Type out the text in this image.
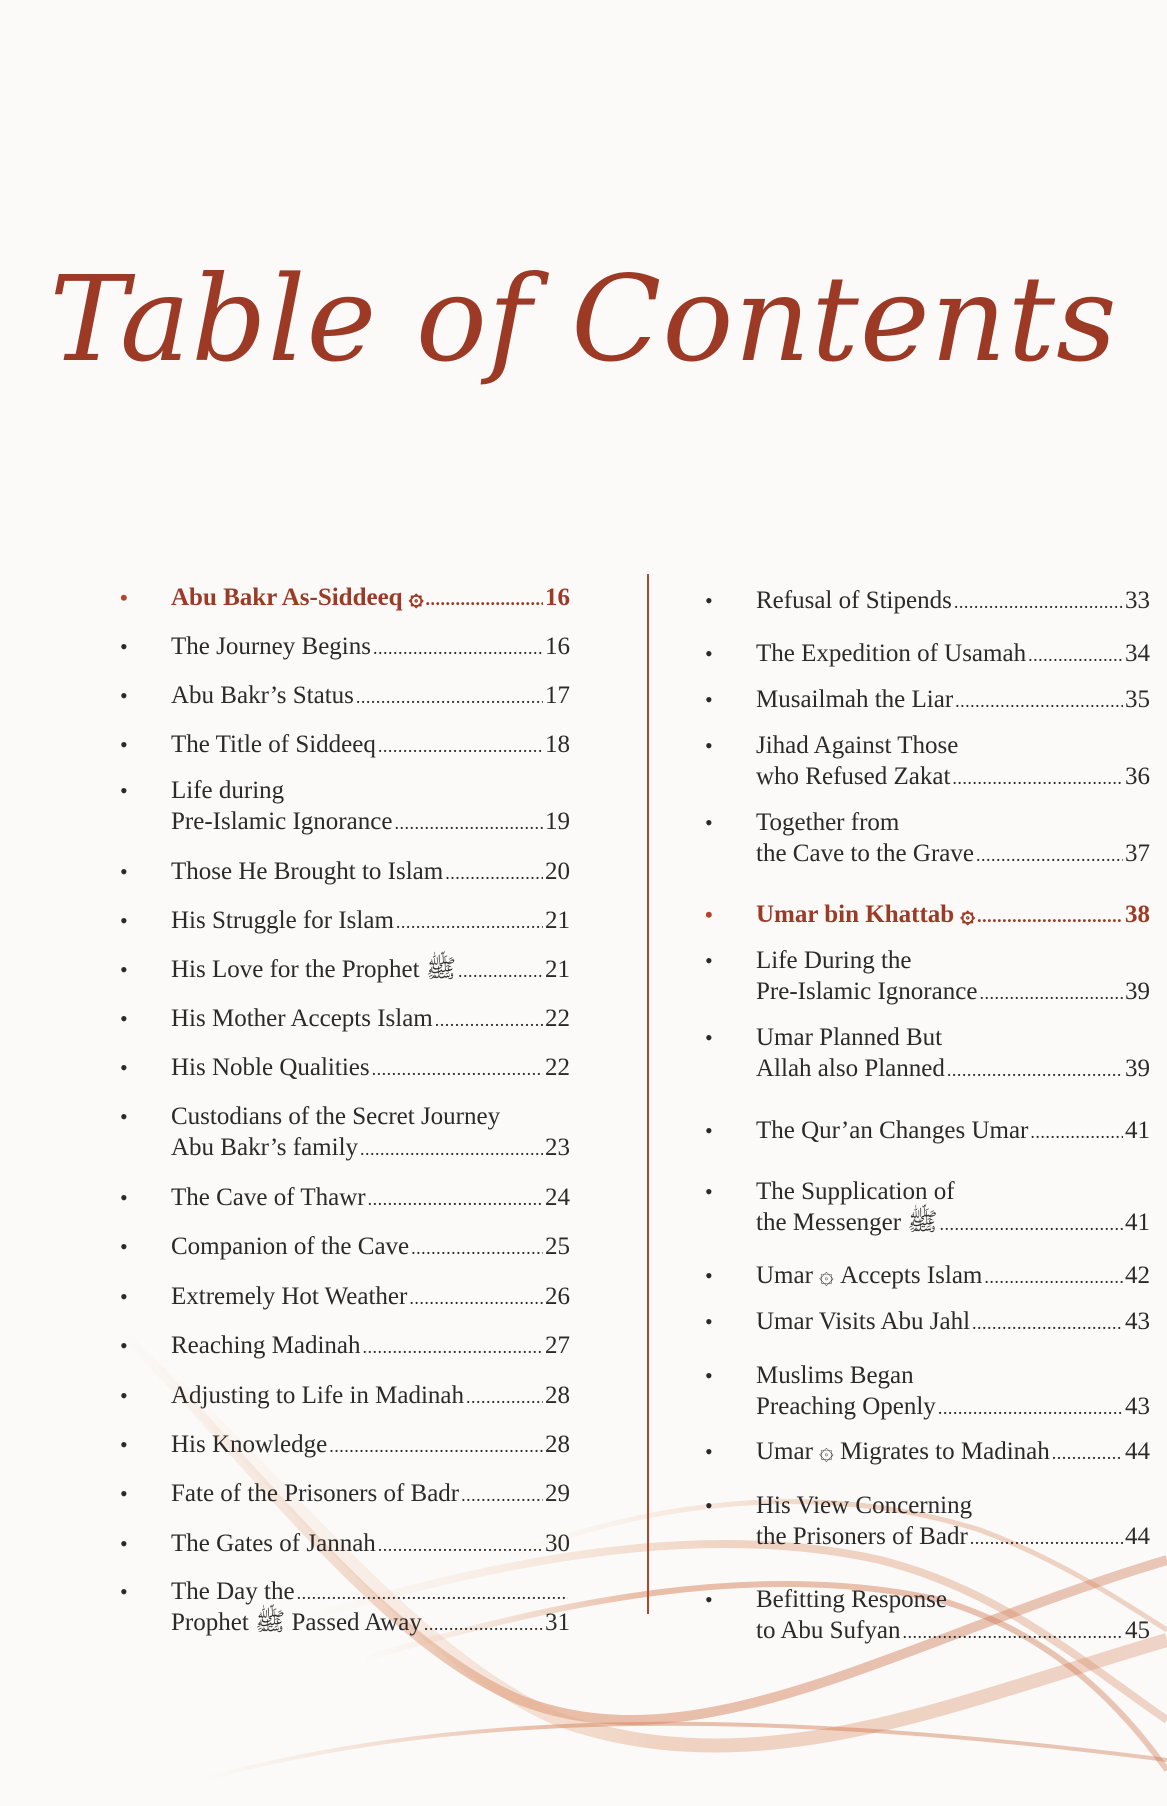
Table of Contents
• Abu Bakr As-Siddeeq ۞ .....	16
• The Journey Begins .....	16
• Abu Bakr’s Status .....	17
• The Title of Siddeeq .....	18
• Life during
Pre-Islamic Ignorance .....	19
• Those He Brought to Islam .....	20
• His Struggle for Islam .....	21
• His Love for the Prophet ﷺ .....	21
• His Mother Accepts Islam .....	22
• His Noble Qualities .....	22
• Custodians of the Secret Journey
Abu Bakr’s family .....	23
• The Cave of Thawr .....	24
• Companion of the Cave .....	25
• Extremely Hot Weather .....	26
• Reaching Madinah .....	27
• Adjusting to Life in Madinah .....	28
• His Knowledge .....	28
• Fate of the Prisoners of Badr .....	29
• The Gates of Jannah .....	30
• The Day the
.....
Prophet ﷺ Passed Away .....	31
• Refusal of Stipends .....	33
• The Expedition of Usamah .....	34
• Musailmah the Liar .....	35
• Jihad Against Those
who Refused Zakat .....	36
• Together from
the Cave to the Grave .....	37
• Umar bin Khattab ۞ .....	38
• Life During the
Pre-Islamic Ignorance .....	39
• Umar Planned But
Allah also Planned .....	39
• The Qur’an Changes Umar .....	41
• The Supplication of
the Messenger ﷺ .....	41
• Umar ۞ Accepts Islam .....	42
• Umar Visits Abu Jahl .....	43
• Muslims Began
Preaching Openly .....	43
• Umar ۞ Migrates to Madinah .....	44
• His View Concerning
the Prisoners of Badr .....	44
• Befitting Response
to Abu Sufyan .....	45
